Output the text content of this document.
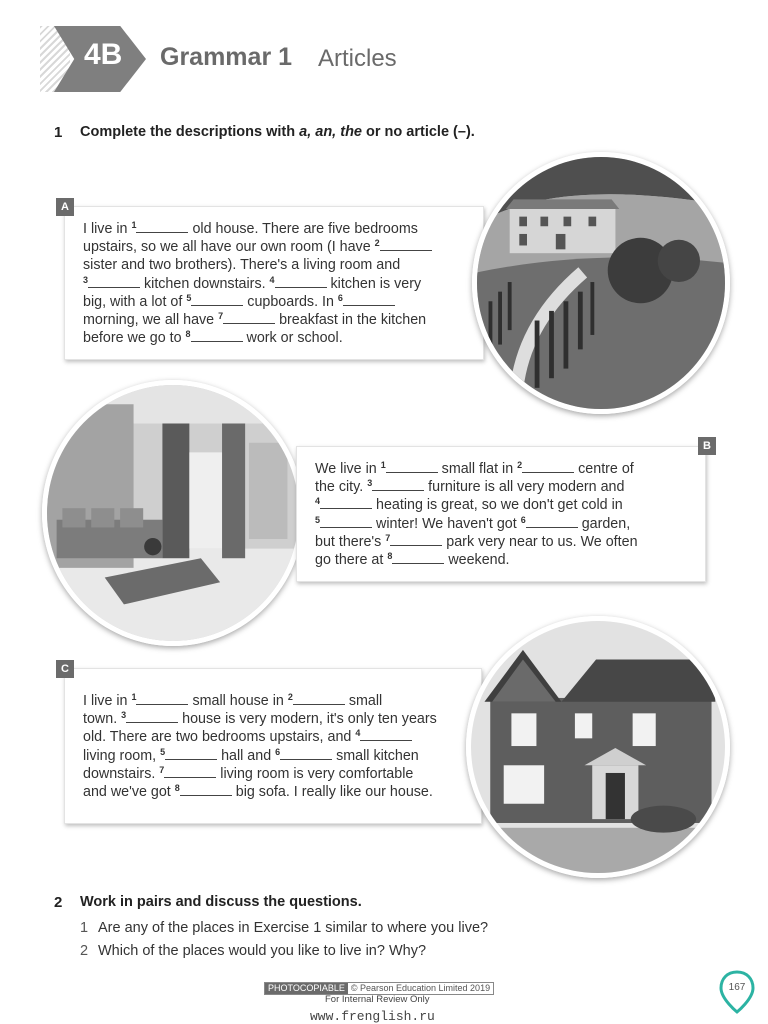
4B Grammar 1 Articles
1 Complete the descriptions with a, an, the or no article (–).
A
I live in $^1$	old house. There are five bedrooms
upstairs, so we all have our own room (I have $^2$
sister and two brothers). There's a living room and
$^3$	kitchen downstairs. $^4$	kitchen is very
big, with a lot of $^5$	cupboards. In $^6$
morning, we all have $^7$	breakfast in the kitchen
before we go to $^8$	work or school.
B
We live in $^1$	small flat in $^2$	centre of
the city. $^3$	furniture is all very modern and
$^4$	heating is great, so we don't get cold in
$^5$	winter! We haven't got $^6$	garden,
but there's $^7$	park very near to us. We often
go there at $^8$	weekend.
C
I live in $^1$	small house in $^2$	small
town. $^3$	house is very modern, it's only ten years
old. There are two bedrooms upstairs, and $^4$
living room, $^5$	hall and $^6$	small kitchen
downstairs. $^7$	living room is very comfortable
and we've got $^8$	big sofa. I really like our house.
2 Work in pairs and discuss the questions.
1 Are any of the places in Exercise 1 similar to where you live?
2 Which of the places would you like to live in? Why?
PHOTOCOPIABLE © Pearson Education Limited 2019
For Internal Review Only
www.frenglish.ru
167
